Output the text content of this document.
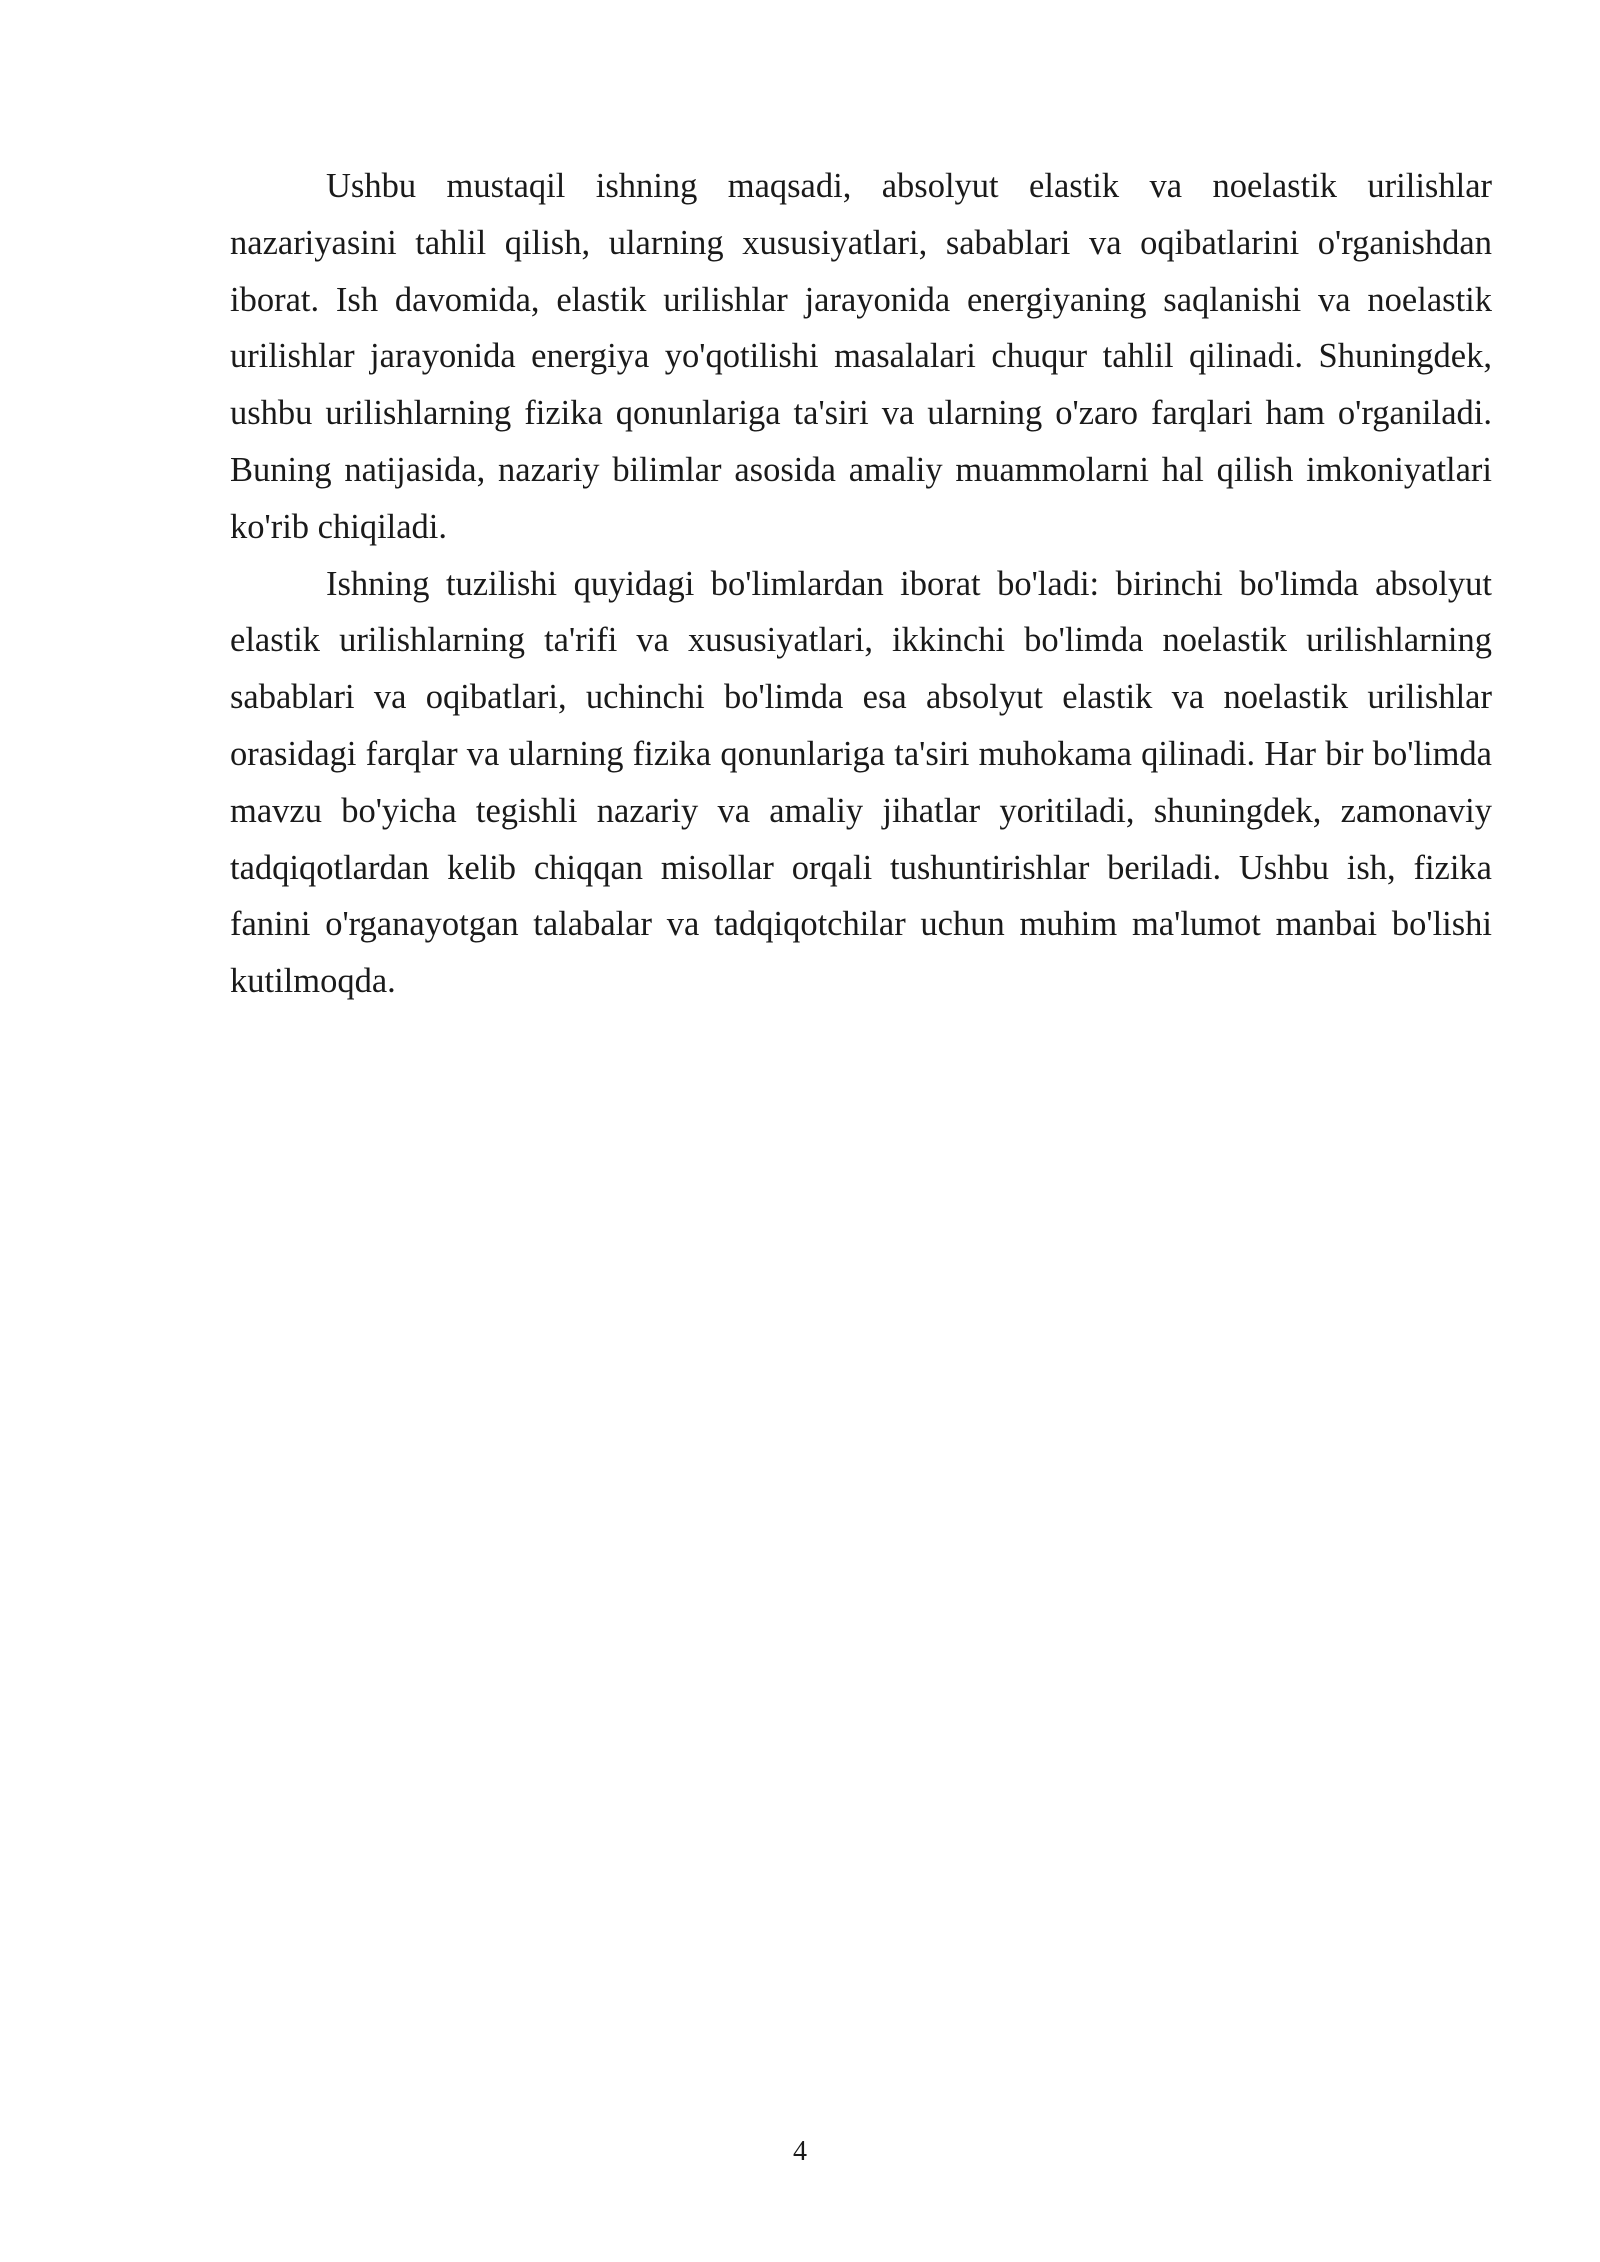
Ushbu mustaqil ishning maqsadi, absolyut elastik va noelastik urilishlar nazariyasini tahlil qilish, ularning xususiyatlari, sabablari va oqibatlarini o'rganishdan iborat. Ish davomida, elastik urilishlar jarayonida energiyaning saqlanishi va noelastik urilishlar jarayonida energiya yo'qotilishi masalalari chuqur tahlil qilinadi. Shuningdek, ushbu urilishlarning fizika qonunlariga ta'siri va ularning o'zaro farqlari ham o'rganiladi. Buning natijasida, nazariy bilimlar asosida amaliy muammolarni hal qilish imkoniyatlari ko'rib chiqiladi.

Ishning tuzilishi quyidagi bo'limlardan iborat bo'ladi: birinchi bo'limda absolyut elastik urilishlarning ta'rifi va xususiyatlari, ikkinchi bo'limda noelastik urilishlarning sabablari va oqibatlari, uchinchi bo'limda esa absolyut elastik va noelastik urilishlar orasidagi farqlar va ularning fizika qonunlariga ta'siri muhokama qilinadi. Har bir bo'limda mavzu bo'yicha tegishli nazariy va amaliy jihatlar yoritiladi, shuningdek, zamonaviy tadqiqotlardan kelib chiqqan misollar orqali tushuntirishlar beriladi. Ushbu ish, fizika fanini o'rganayotgan talabalar va tadqiqotchilar uchun muhim ma'lumot manbai bo'lishi kutilmoqda.

4
